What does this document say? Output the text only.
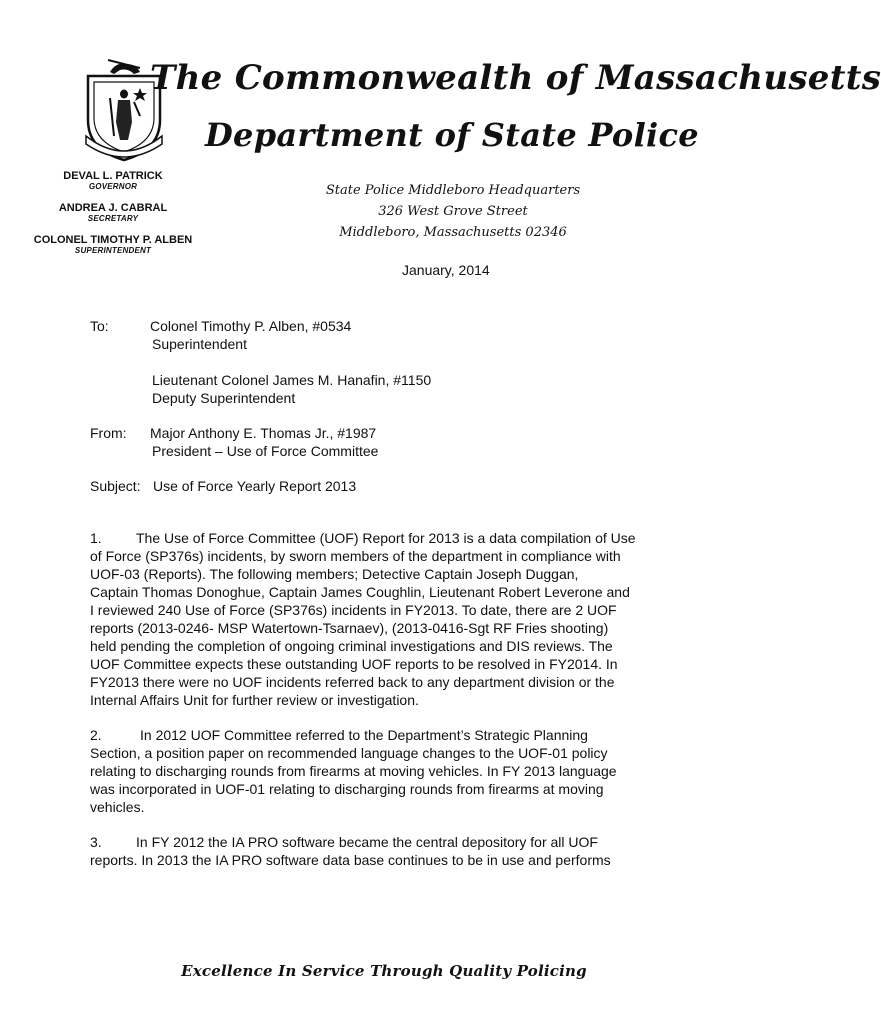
The Commonwealth of Massachusetts
Department of State Police
DEVAL L. PATRICK
GOVERNOR
ANDREA J. CABRAL
SECRETARY
COLONEL TIMOTHY P. ALBEN
SUPERINTENDENT
State Police Middleboro Headquarters
326 West Grove Street
Middleboro, Massachusetts 02346
January, 2014
To:	Colonel Timothy P. Alben, #0534
Superintendent
Lieutenant Colonel James M. Hanafin, #1150
Deputy Superintendent
From: Major Anthony E. Thomas Jr., #1987
President – Use of Force Committee
Subject: Use of Force Yearly Report 2013
1. The Use of Force Committee (UOF) Report for 2013 is a data compilation of Use
of Force (SP376s) incidents, by sworn members of the department in compliance with
UOF-03 (Reports). The following members; Detective Captain Joseph Duggan,
Captain Thomas Donoghue, Captain James Coughlin, Lieutenant Robert Leverone and
I reviewed 240 Use of Force (SP376s) incidents in FY2013. To date, there are 2 UOF
reports (2013-0246- MSP Watertown-Tsarnaev), (2013-0416-Sgt RF Fries shooting)
held pending the completion of ongoing criminal investigations and DIS reviews. The
UOF Committee expects these outstanding UOF reports to be resolved in FY2014. In
FY2013 there were no UOF incidents referred back to any department division or the
Internal Affairs Unit for further review or investigation.
2.	In 2012 UOF Committee referred to the Department’s Strategic Planning
Section, a position paper on recommended language changes to the UOF-01 policy
relating to discharging rounds from firearms at moving vehicles. In FY 2013 language
was incorporated in UOF-01 relating to discharging rounds from firearms at moving
vehicles.
3. In FY 2012 the IA PRO software became the central depository for all UOF
reports. In 2013 the IA PRO software data base continues to be in use and performs
Excellence In Service Through Quality Policing
